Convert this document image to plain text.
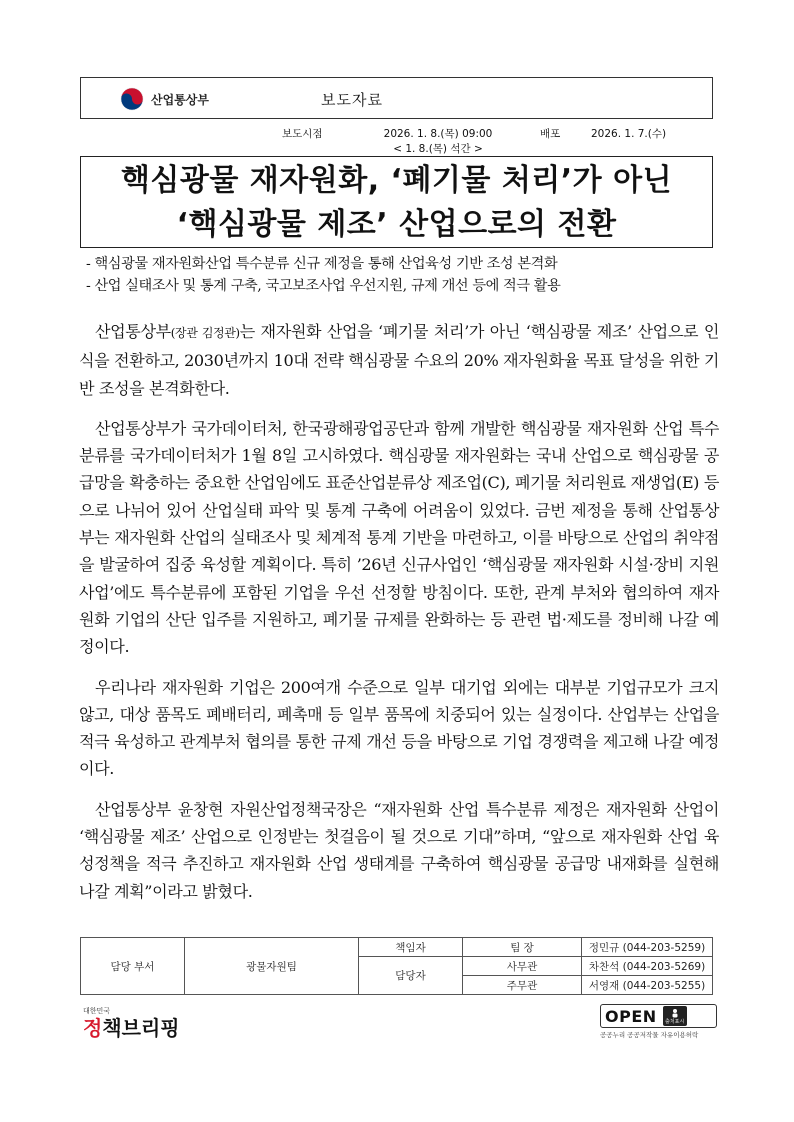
산업통상부	보도자료
보도시점	2026. 1. 8.(목) 09:00
< 1. 8.(목) 석간 >
배포	2026. 1. 7.(수)
핵심광물 재자원화, ‘폐기물 처리’가 아닌
‘핵심광물 제조’ 산업으로의 전환
- 핵심광물 재자원화산업 특수분류 신규 제정을 통해 산업육성 기반 조성 본격화
- 산업 실태조사 및 통계 구축, 국고보조사업 우선지원, 규제 개선 등에 적극 활용

산업통상부(장관 김정관)는 재자원화 산업을 ‘폐기물 처리’가 아닌 ‘핵심광물 제조’ 산업으로 인식을 전환하고, 2030년까지 10대 전략 핵심광물 수요의 20% 재자원화율 목표 달성을 위한 기반 조성을 본격화한다.

산업통상부가 국가데이터처, 한국광해광업공단과 함께 개발한 핵심광물 재자원화 산업 특수분류를 국가데이터처가 1월 8일 고시하였다. 핵심광물 재자원화는 국내 산업으로 핵심광물 공급망을 확충하는 중요한 산업임에도 표준산업분류상 제조업(C), 폐기물 처리원료 재생업(E) 등으로 나뉘어 있어 산업실태 파악 및 통계 구축에 어려움이 있었다. 금번 제정을 통해 산업통상부는 재자원화 산업의 실태조사 및 체계적 통계 기반을 마련하고, 이를 바탕으로 산업의 취약점을 발굴하여 집중 육성할 계획이다. 특히 ’26년 신규사업인 ‘핵심광물 재자원화 시설·장비 지원사업’에도 특수분류에 포함된 기업을 우선 선정할 방침이다. 또한, 관계 부처와 협의하여 재자원화 기업의 산단 입주를 지원하고, 폐기물 규제를 완화하는 등 관련 법·제도를 정비해 나갈 예정이다.

우리나라 재자원화 기업은 200여개 수준으로 일부 대기업 외에는 대부분 기업규모가 크지 않고, 대상 품목도 폐배터리, 폐촉매 등 일부 품목에 치중되어 있는 실정이다. 산업부는 산업을 적극 육성하고 관계부처 협의를 통한 규제 개선 등을 바탕으로 기업 경쟁력을 제고해 나갈 예정이다.

산업통상부 윤창현 자원산업정책국장은 “재자원화 산업 특수분류 제정은 재자원화 산업이 ‘핵심광물 제조’ 산업으로 인정받는 첫걸음이 될 것으로 기대”하며, “앞으로 재자원화 산업 육성정책을 적극 추진하고 재자원화 산업 생태계를 구축하여 핵심광물 공급망 내재화를 실현해 나갈 계획”이라고 밝혔다.

담당 부서	광물자원팀	책임자	팀 장	정민규 (044-203-5259)
		담당자	사무관	차찬석 (044-203-5269)
			주무관	서영재 (044-203-5255)
대한민국
정책브리핑	OPEN 출처표시
공공누리 공공저작물 자유이용허락
